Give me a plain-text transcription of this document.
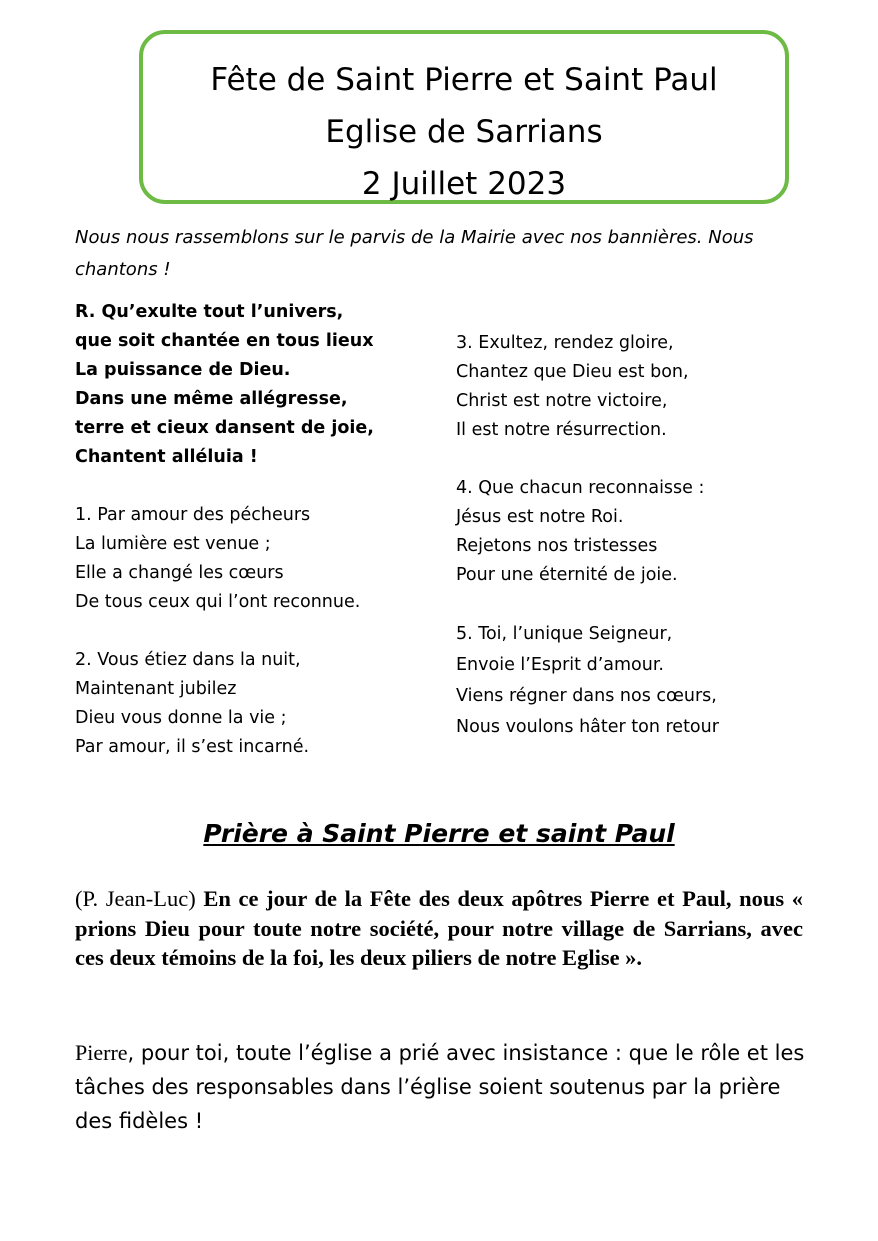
Fête de Saint Pierre et Saint Paul
Eglise de Sarrians
2 Juillet 2023
Nous nous rassemblons sur le parvis de la Mairie avec nos bannières. Nous chantons !
R. Qu’exulte tout l’univers,
que soit chantée en tous lieux
La puissance de Dieu.
Dans une même allégresse,
terre et cieux dansent de joie,
Chantent alléluia !
1. Par amour des pécheurs
La lumière est venue ;
Elle a changé les cœurs
De tous ceux qui l’ont reconnue.
2. Vous étiez dans la nuit,
Maintenant jubilez
Dieu vous donne la vie ;
Par amour, il s’est incarné.
3. Exultez, rendez gloire,
Chantez que Dieu est bon,
Christ est notre victoire,
Il est notre résurrection.
4. Que chacun reconnaisse :
Jésus est notre Roi.
Rejetons nos tristesses
Pour une éternité de joie.
5. Toi, l’unique Seigneur,
Envoie l’Esprit d’amour.
Viens régner dans nos cœurs,
Nous voulons hâter ton retour
Prière à Saint Pierre et saint Paul
(P. Jean-Luc) En ce jour de la Fête des deux apôtres Pierre et Paul, nous « prions Dieu pour toute notre société, pour notre village de Sarrians, avec ces deux témoins de la foi, les deux piliers de notre Eglise ».
Pierre, pour toi, toute l’église a prié avec insistance : que le rôle et les tâches des responsables dans l’église soient soutenus par la prière des fidèles !
